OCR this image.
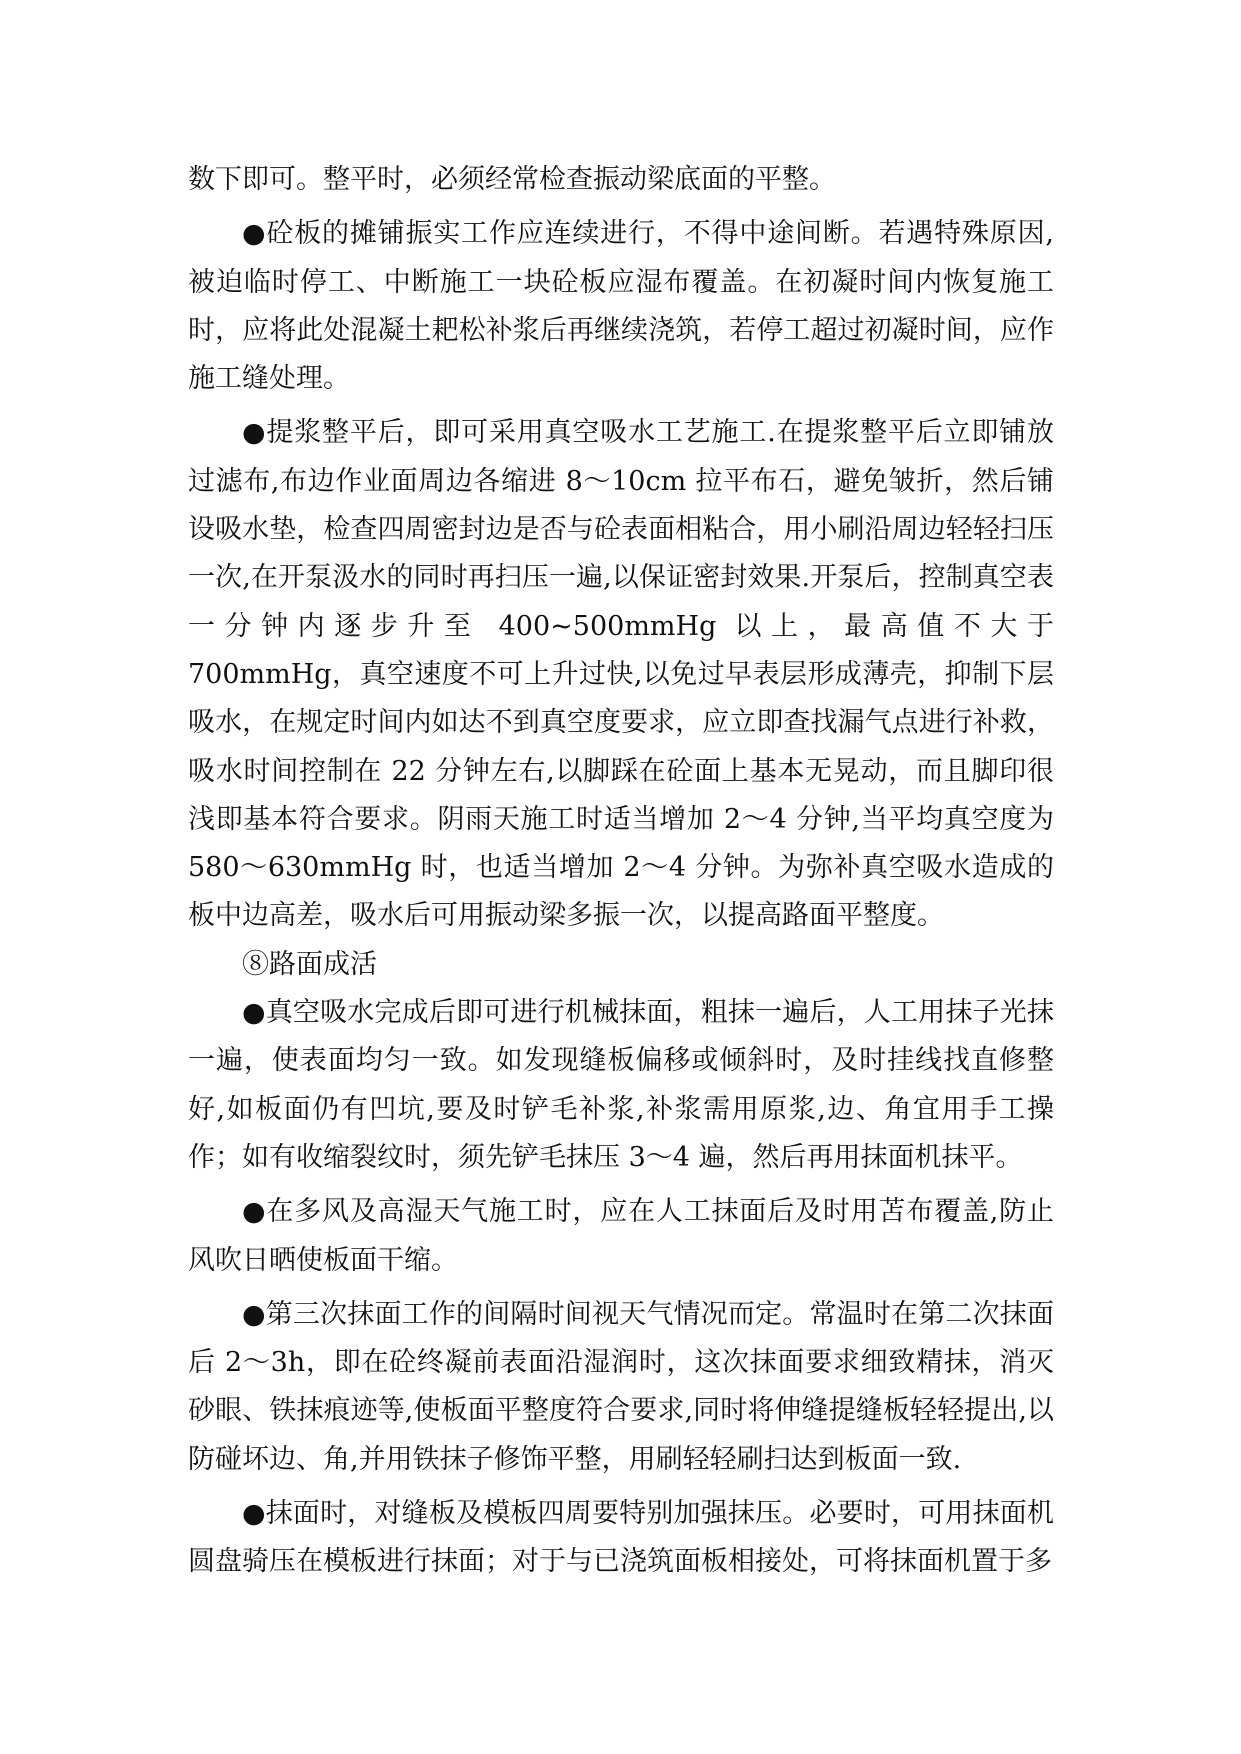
数下即可。整平时，必须经常检查振动梁底面的平整。

●砼板的摊铺振实工作应连续进行，不得中途间断。若遇特殊原因,被迫临时停工、中断施工一块砼板应湿布覆盖。在初凝时间内恢复施工时，应将此处混凝土耙松补浆后再继续浇筑，若停工超过初凝时间，应作施工缝处理。

●提浆整平后，即可采用真空吸水工艺施工.在提浆整平后立即铺放过滤布,布边作业面周边各缩进 8～10cm 拉平布石，避免皱折，然后铺设吸水垫，检查四周密封边是否与砼表面相粘合，用小刷沿周边轻轻扫压一次,在开泵汲水的同时再扫压一遍,以保证密封效果.开泵后，控制真空表一分钟内逐步升至 400~500mmHg 以上，最高值不大于 700mmHg，真空速度不可上升过快,以免过早表层形成薄壳，抑制下层吸水，在规定时间内如达不到真空度要求，应立即查找漏气点进行补救，吸水时间控制在 22 分钟左右,以脚踩在砼面上基本无晃动，而且脚印很浅即基本符合要求。阴雨天施工时适当增加 2～4 分钟,当平均真空度为 580～630mmHg 时，也适当增加 2～4 分钟。为弥补真空吸水造成的板中边高差，吸水后可用振动梁多振一次，以提高路面平整度。

⑧路面成活

●真空吸水完成后即可进行机械抹面，粗抹一遍后，人工用抹子光抹一遍，使表面均匀一致。如发现缝板偏移或倾斜时，及时挂线找直修整好,如板面仍有凹坑,要及时铲毛补浆,补浆需用原浆,边、角宜用手工操作；如有收缩裂纹时，须先铲毛抹压 3～4 遍，然后再用抹面机抹平。

●在多风及高湿天气施工时，应在人工抹面后及时用苫布覆盖,防止风吹日晒使板面干缩。

●第三次抹面工作的间隔时间视天气情况而定。常温时在第二次抹面后 2～3h，即在砼终凝前表面沿湿润时，这次抹面要求细致精抹，消灭砂眼、铁抹痕迹等,使板面平整度符合要求,同时将伸缝提缝板轻轻提出,以防碰坏边、角,并用铁抹子修饰平整，用刷轻轻刷扫达到板面一致.

●抹面时，对缝板及模板四周要特别加强抹压。必要时，可用抹面机圆盘骑压在模板进行抹面；对于与已浇筑面板相接处，可将抹面机置于多
